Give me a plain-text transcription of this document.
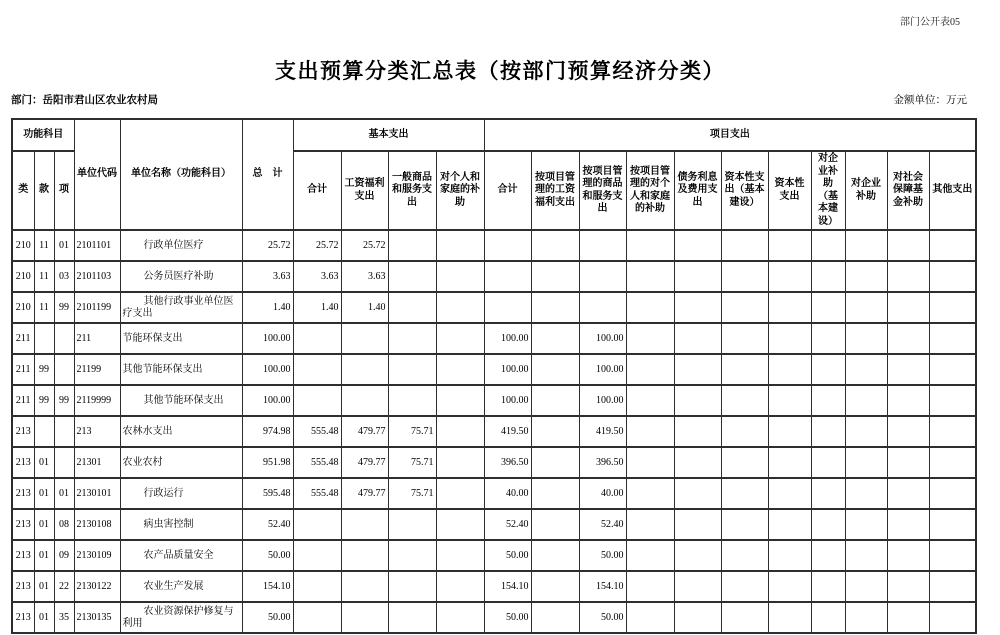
部门公开表05
支出预算分类汇总表（按部门预算经济分类）
部门：岳阳市君山区农业农村局	金额单位：万元
功能科目			单位代码	单位名称（功能科目）	总　计	基本支出				项目支出										
类	款	项				合计	工资福利支出	一般商品和服务支出	对个人和家庭的补助	合计	按项目管理的工资福利支出	按项目管理的商品和服务支出	按项目管理的对个人和家庭的补助	债务利息及费用支出	资本性支出（基本建设）	资本性支出	对企业补助（基本建设）	对企业补助	对社会保障基金补助	其他支出
210	11	01	2101101	行政单位医疗	25.72	25.72	25.72													
210	11	03	2101103	公务员医疗补助	3.63	3.63	3.63													
210	11	99	2101199	其他行政事业单位医疗支出	1.40	1.40	1.40													
211			211	节能环保支出	100.00					100.00		100.00								
211	99		21199	其他节能环保支出	100.00					100.00		100.00								
211	99	99	2119999	其他节能环保支出	100.00					100.00		100.00								
213			213	农林水支出	974.98	555.48	479.77	75.71		419.50		419.50								
213	01		21301	农业农村	951.98	555.48	479.77	75.71		396.50		396.50								
213	01	01	2130101	行政运行	595.48	555.48	479.77	75.71		40.00		40.00								
213	01	08	2130108	病虫害控制	52.40					52.40		52.40								
213	01	09	2130109	农产品质量安全	50.00					50.00		50.00								
213	01	22	2130122	农业生产发展	154.10					154.10		154.10								
213	01	35	2130135	农业资源保护修复与利用	50.00					50.00		50.00								
